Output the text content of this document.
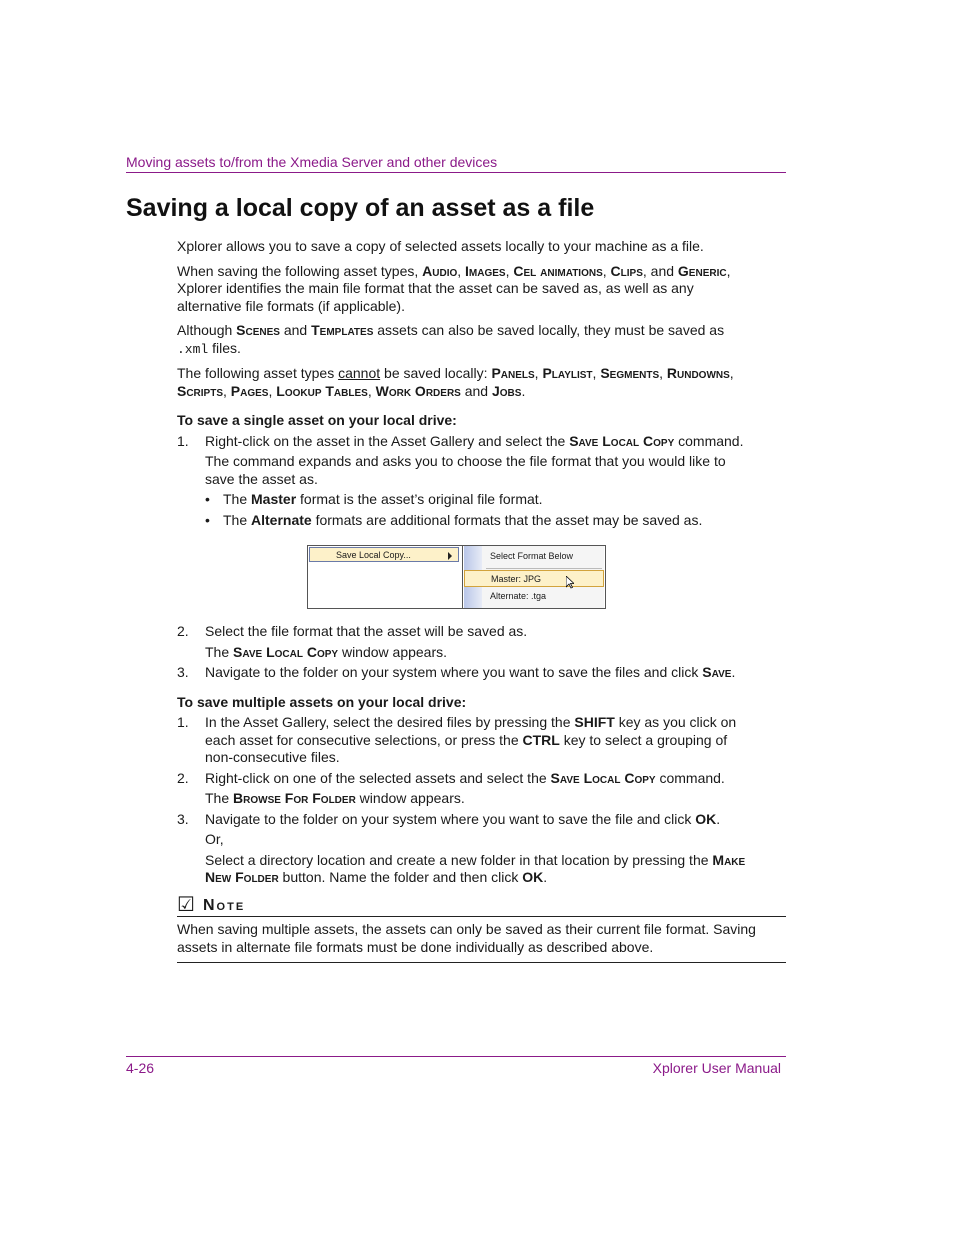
Moving assets to/from the Xmedia Server and other devices
Saving a local copy of an asset as a file

Xplorer allows you to save a copy of selected assets locally to your machine as a file.

When saving the following asset types, Audio, Images, Cel animations, Clips, and Generic, Xplorer identifies the main file format that the asset can be saved as, as well as any alternative file formats (if applicable).

Although Scenes and Templates assets can also be saved locally, they must be saved as .xml files.

The following asset types cannot be saved locally: Panels, Playlist, Segments, Rundowns, Scripts, Pages, Lookup Tables, Work Orders and Jobs.

To save a single asset on your local drive:

1. Right-click on the asset in the Asset Gallery and select the Save Local Copy command.
The command expands and asks you to choose the file format that you would like to save the asset as.
• The Master format is the asset’s original file format.
• The Alternate formats are additional formats that the asset may be saved as.
Save Local Copy...	Select Format Below
Master: JPG
Alternate: .tga
2. Select the file format that the asset will be saved as.
The Save Local Copy window appears.
3. Navigate to the folder on your system where you want to save the files and click Save.

To save multiple assets on your local drive:

1. In the Asset Gallery, select the desired files by pressing the SHIFT key as you click on each asset for consecutive selections, or press the CTRL key to select a grouping of non-consecutive files.
2. Right-click on one of the selected assets and select the Save Local Copy command.
The Browse For Folder window appears.
3. Navigate to the folder on your system where you want to save the file and click OK.
Or,
Select a directory location and create a new folder in that location by pressing the Make New Folder button. Name the folder and then click OK.
☑ Note
When saving multiple assets, the assets can only be saved as their current file format. Saving assets in alternate file formats must be done individually as described above.
4-26	Xplorer User Manual
